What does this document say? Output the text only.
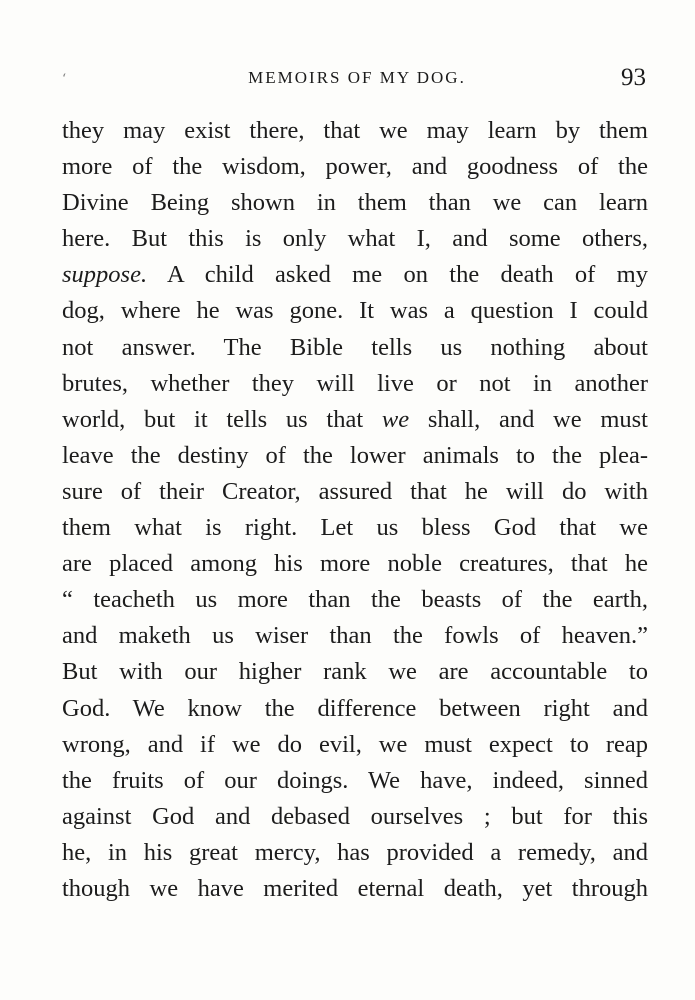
‘	MEMOIRS OF MY DOG.	93
they may exist there, that we may learn by them
more of the wisdom, power, and goodness of the
Divine Being shown in them than we can learn
here. But this is only what I, and some others,
suppose. A child asked me on the death of my
dog, where he was gone. It was a question I could
not answer. The Bible tells us nothing about
brutes, whether they will live or not in another
world, but it tells us that we shall, and we must
leave the destiny of the lower animals to the plea-
sure of their Creator, assured that he will do with
them what is right. Let us bless God that we
are placed among his more noble creatures, that he
“ teacheth us more than the beasts of the earth,
and maketh us wiser than the fowls of heaven.”
But with our higher rank we are accountable to
God. We know the difference between right and
wrong, and if we do evil, we must expect to reap
the fruits of our doings. We have, indeed, sinned
against God and debased ourselves ; but for this
he, in his great mercy, has provided a remedy, and
though we have merited eternal death, yet through
